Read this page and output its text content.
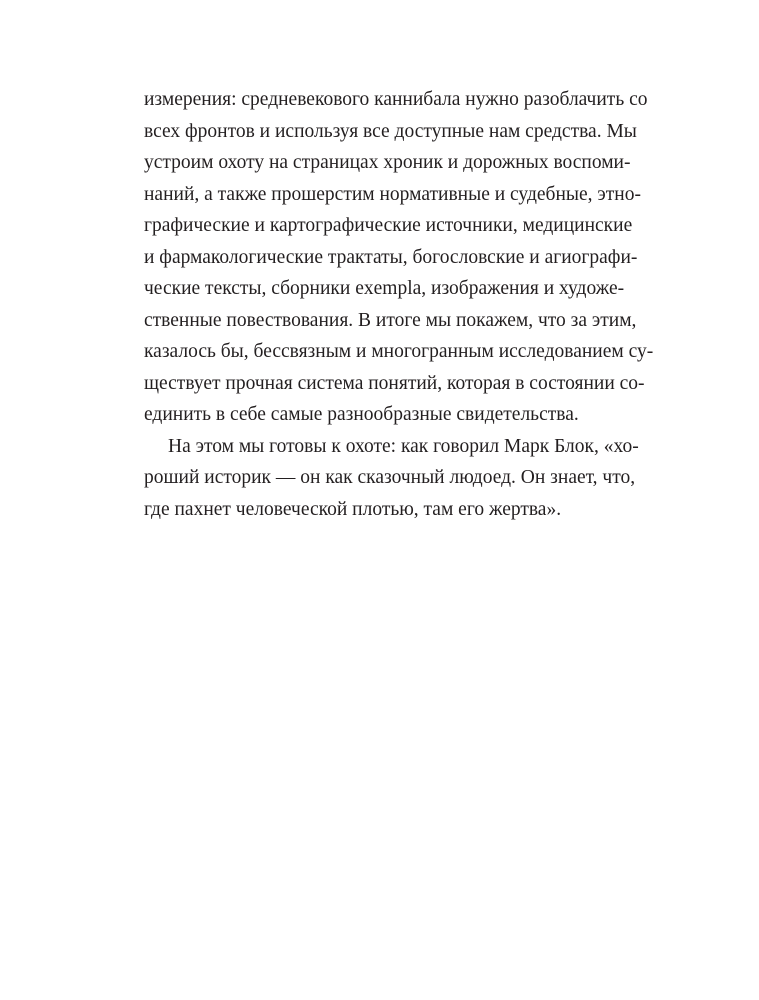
измерения: средневекового каннибала нужно разоблачить со
всех фронтов и используя все доступные нам средства. Мы
устроим охоту на страницах хроник и дорожных воспоми-
наний, а также прошерстим нормативные и судебные, этно-
графические и картографические источники, медицинские
и фармакологические трактаты, богословские и агиографи-
ческие тексты, сборники exempla, изображения и художе-
ственные повествования. В итоге мы покажем, что за этим,
казалось бы, бессвязным и многогранным исследованием су-
ществует прочная система понятий, которая в состоянии со-
единить в себе самые разнообразные свидетельства.
На этом мы готовы к охоте: как говорил Марк Блок, «хо-
роший историк — он как сказочный людоед. Он знает, что,
где пахнет человеческой плотью, там его жертва».
